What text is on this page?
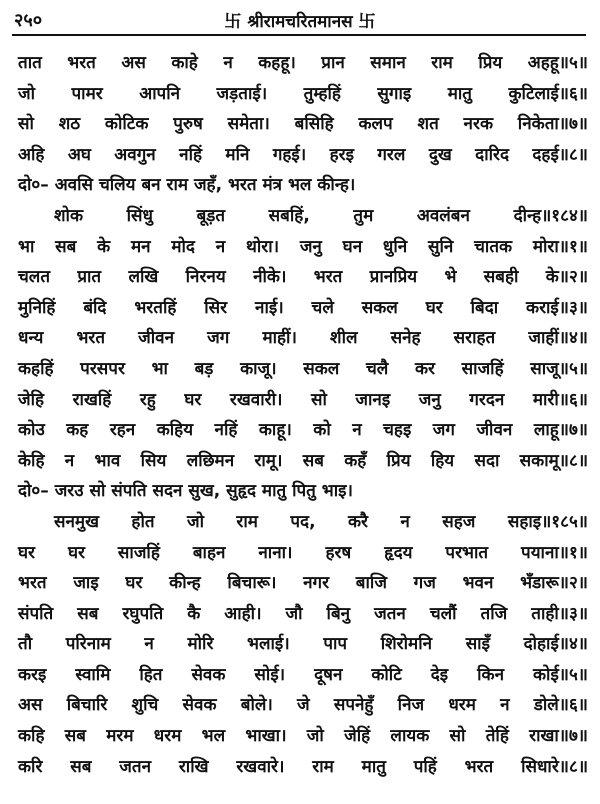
२५०	卐 श्रीरामचरितमानस 卐
तात भरत अस काहे न कहहू। प्रान समान राम प्रिय अहहू॥५॥
जो पामर आपनि जड़ताई। तुम्हहिं सुगाइ मातु कुटिलाई॥६॥
सो शठ कोटिक पुरुष समेता। बसिहि कलप शत नरक निकेता॥७॥
अहि अघ अवगुन नहिं मनि गहई। हरइ गरल दुख दारिद दहई॥८॥
दो०– अवसि चलिय बन राम जहँ, भरत मंत्र भल कीन्ह।
शोक सिंधु बूड़त सबहिं, तुम अवलंबन दीन्ह॥१८४॥
भा सब के मन मोद न थोरा। जनु घन धुनि सुनि चातक मोरा॥१॥
चलत प्रात लखि निरनय नीके। भरत प्रानप्रिय भे सबही के॥२॥
मुनिहिं बंदि भरतहिं सिर नाई। चले सकल घर बिदा कराई॥३॥
धन्य भरत जीवन जग माहीं। शील सनेह सराहत जाहीं॥४॥
कहहिं परसपर भा बड़ काजू। सकल चलै कर साजहिं साजू॥५॥
जेहि राखहिं रहु घर रखवारी। सो जानइ जनु गरदन मारी॥६॥
कोउ कह रहन कहिय नहिं काहू। को न चहइ जग जीवन लाहू॥७॥
केहि न भाव सिय लछिमन रामू। सब कहँ प्रिय हिय सदा सकामू॥८॥
दो०– जरउ सो संपति सदन सुख, सुहृद मातु पितु भाइ।
सनमुख होत जो राम पद, करै न सहज सहाइ॥१८५॥
घर घर साजहिं बाहन नाना। हरष हृदय परभात पयाना॥१॥
भरत जाइ घर कीन्ह बिचारू। नगर बाजि गज भवन भँडारू॥२॥
संपति सब रघुपति कै आही। जौ बिनु जतन चलौं तजि ताही॥३॥
तौ परिनाम न मोरि भलाई। पाप शिरोमनि साइँ दोहाई॥४॥
करइ स्वामि हित सेवक सोई। दूषन कोटि देइ किन कोई॥५॥
अस बिचारि शुचि सेवक बोले। जे सपनेहुँ निज धरम न डोले॥६॥
कहि सब मरम धरम भल भाखा। जो जेहिं लायक सो तेहिं राखा॥७॥
करि सब जतन राखि रखवारे। राम मातु पहिं भरत सिधारे॥८॥
